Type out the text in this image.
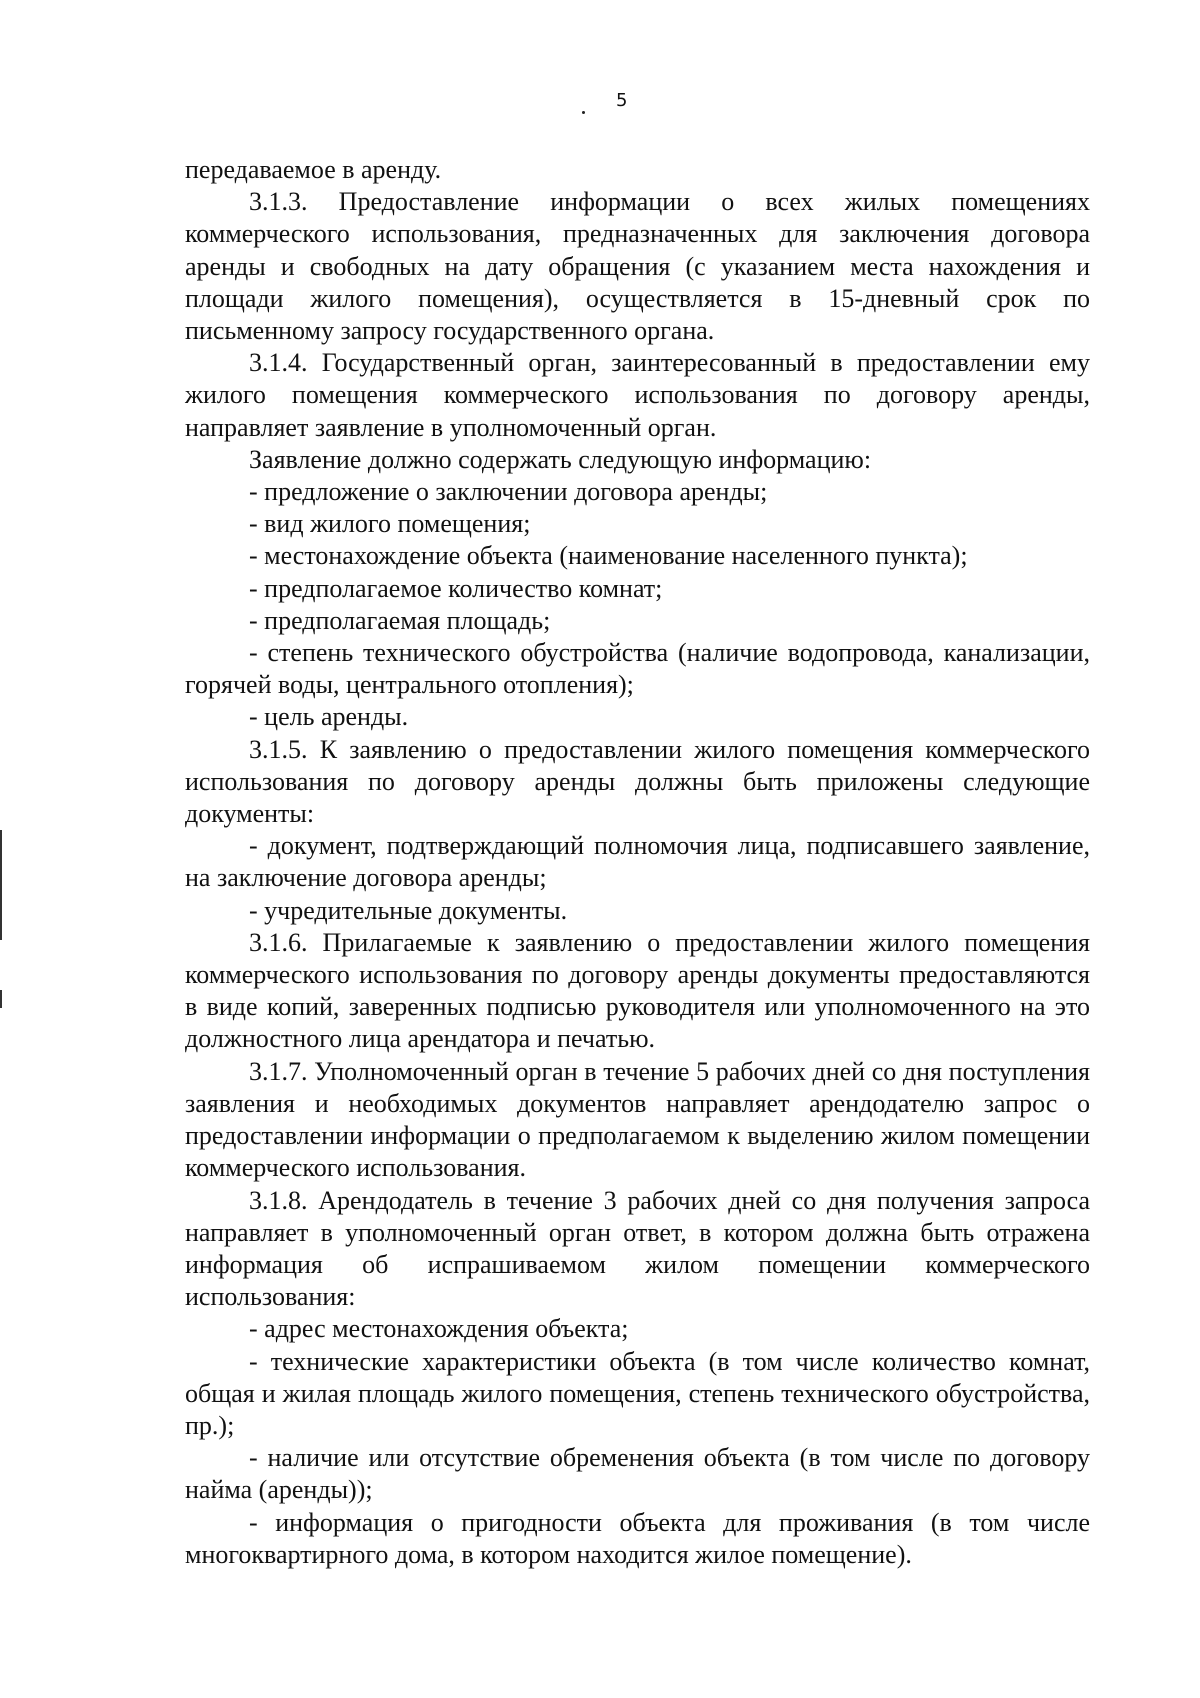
5

передаваемое в аренду.

3.1.3. Предоставление информации о всех жилых помещениях коммерческого использования, предназначенных для заключения договора аренды и свободных на дату обращения (с указанием места нахождения и площади жилого помещения), осуществляется в 15-дневный срок по письменному запросу государственного органа.

3.1.4. Государственный орган, заинтересованный в предоставлении ему жилого помещения коммерческого использования по договору аренды, направляет заявление в уполномоченный орган.

Заявление должно содержать следующую информацию:

- предложение о заключении договора аренды;

- вид жилого помещения;

- местонахождение объекта (наименование населенного пункта);

- предполагаемое количество комнат;

- предполагаемая площадь;

- степень технического обустройства (наличие водопровода, канализации, горячей воды, центрального отопления);

- цель аренды.

3.1.5. К заявлению о предоставлении жилого помещения коммерческого использования по договору аренды должны быть приложены следующие документы:

- документ, подтверждающий полномочия лица, подписавшего заявление, на заключение договора аренды;

- учредительные документы.

3.1.6. Прилагаемые к заявлению о предоставлении жилого помещения коммерческого использования по договору аренды документы предоставляются в виде копий, заверенных подписью руководителя или уполномоченного на это должностного лица арендатора и печатью.

3.1.7. Уполномоченный орган в течение 5 рабочих дней со дня поступления заявления и необходимых документов направляет арендодателю запрос о предоставлении информации о предполагаемом к выделению жилом помещении коммерческого использования.

3.1.8. Арендодатель в течение 3 рабочих дней со дня получения запроса направляет в уполномоченный орган ответ, в котором должна быть отражена информация об испрашиваемом жилом помещении коммерческого использования:

- адрес местонахождения объекта;

- технические характеристики объекта (в том числе количество комнат, общая и жилая площадь жилого помещения, степень технического обустройства, пр.);

- наличие или отсутствие обременения объекта (в том числе по договору найма (аренды));

- информация о пригодности объекта для проживания (в том числе многоквартирного дома, в котором находится жилое помещение).
